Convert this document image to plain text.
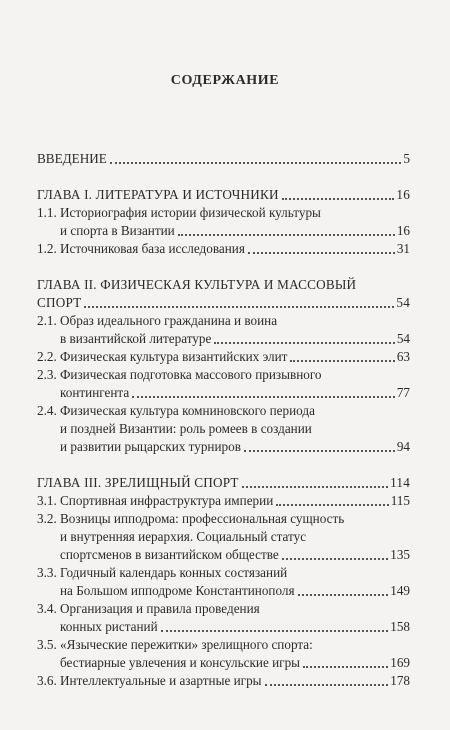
СОДЕРЖАНИЕ
ВВЕДЕНИЕ	5
ГЛАВА I. ЛИТЕРАТУРА И ИСТОЧНИКИ	16
1.1. Историография истории физической культуры
и спорта в Византии	16
1.2. Источниковая база исследования	31
ГЛАВА II. ФИЗИЧЕСКАЯ КУЛЬТУРА И МАССОВЫЙ
СПОРТ	54
2.1. Образ идеального гражданина и воина
в византийской литературе	54
2.2. Физическая культура византийских элит	63
2.3. Физическая подготовка массового призывного
контингента	77
2.4. Физическая культура комниновского периода
и поздней Византии: роль ромеев в создании
и развитии рыцарских турниров	94
ГЛАВА III. ЗРЕЛИЩНЫЙ СПОРТ	114
3.1. Спортивная инфраструктура империи	115
3.2. Возницы ипподрома: профессиональная сущность
и внутренняя иерархия. Социальный статус
спортсменов в византийском обществе	135
3.3. Годичный календарь конных состязаний
на Большом ипподроме Константинополя	149
3.4. Организация и правила проведения
конных ристаний	158
3.5. «Языческие пережитки» зрелищного спорта:
бестиарные увлечения и консульские игры	169
3.6. Интеллектуальные и азартные игры	178
